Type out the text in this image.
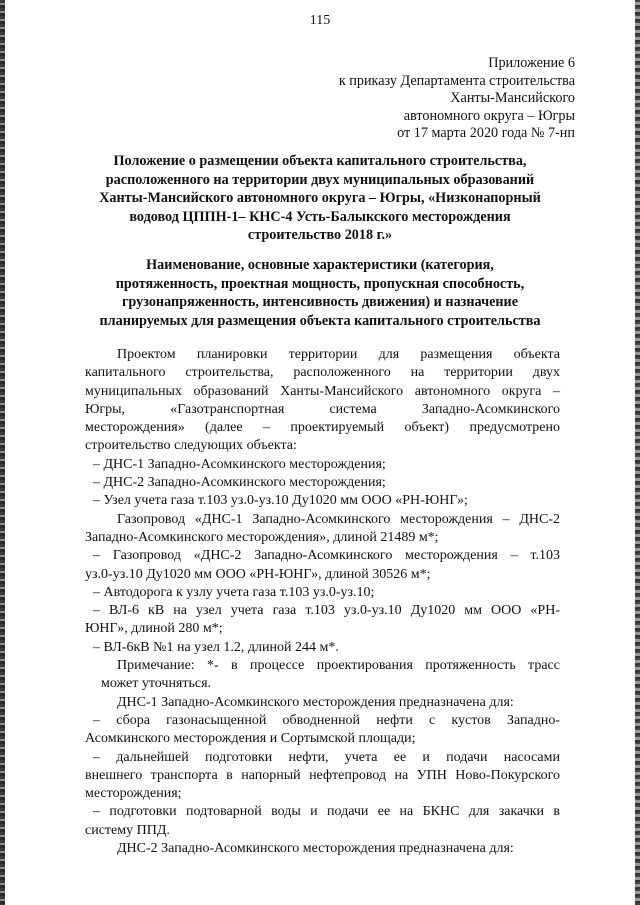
115
Приложение 6
к приказу Департамента строительства
Ханты-Мансийского
автономного округа – Югры
от 17 марта 2020 года № 7-нп
Положение о размещении объекта капитального строительства,
расположенного на территории двух муниципальных образований
Ханты-Мансийского автономного округа – Югры, «Низконапорный
водовод ЦППН-1– КНС-4 Усть-Балыкского месторождения
строительство 2018 г.»
Наименование, основные характеристики (категория,
протяженность, проектная мощность, пропускная способность,
грузонапряженность, интенсивность движения) и назначение
планируемых для размещения объекта капитального строительства

Проектом планировки территории для размещения объекта

капитального строительства, расположенного на территории двух

муниципальных образований Ханты-Мансийского автономного округа –

Югры, «Газотранспортная система Западно-Асомкинского

месторождения» (далее – проектируемый объект) предусмотрено

строительство следующих объекта:

– ДНС-1 Западно-Асомкинского месторождения;

– ДНС-2 Западно-Асомкинского месторождения;

– Узел учета газа т.103 уз.0-уз.10 Ду1020 мм ООО «РН-ЮНГ»;

Газопровод «ДНС-1 Западно-Асомкинского месторождения – ДНС-2

Западно-Асомкинского месторождения», длиной 21489 м*;

– Газопровод «ДНС-2 Западно-Асомкинского месторождения – т.103

уз.0-уз.10 Ду1020 мм ООО «РН-ЮНГ», длиной 30526 м*;

– Автодорога к узлу учета газа т.103 уз.0-уз.10;

– ВЛ-6 кВ на узел учета газа т.103 уз.0-уз.10 Ду1020 мм ООО «РН-

ЮНГ», длиной 280 м*;

– ВЛ-6кВ №1 на узел 1.2, длиной 244 м*.

Примечание: *- в процессе проектирования протяженность трасс

может уточняться.

ДНС-1 Западно-Асомкинского месторождения предназначена для:

– сбора газонасыщенной обводненной нефти с кустов Западно-

Асомкинского месторождения и Сортымской площади;

– дальнейшей подготовки нефти, учета ее и подачи насосами

внешнего транспорта в напорный нефтепровод на УПН Ново-Покурского

месторождения;

– подготовки подтоварной воды и подачи ее на БКНС для закачки в

систему ППД.

ДНС-2 Западно-Асомкинского месторождения предназначена для:
